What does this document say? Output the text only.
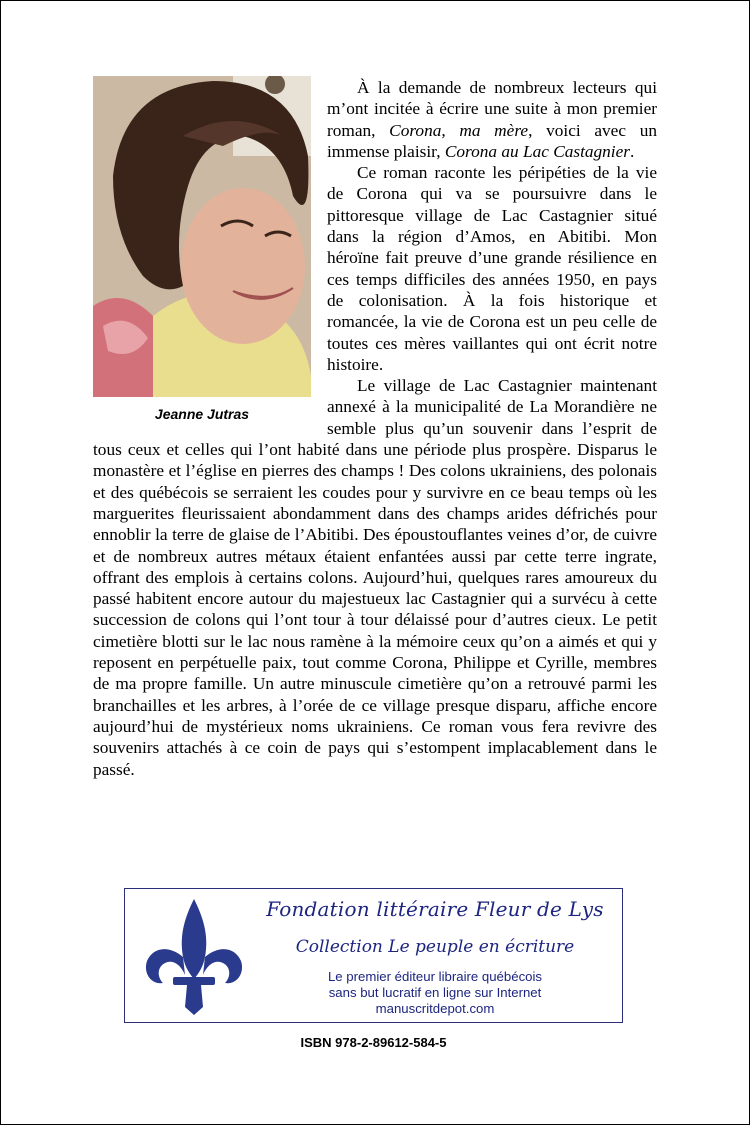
Jeanne Jutras

À la demande de nombreux lecteurs qui m’ont incitée à écrire une suite à mon premier roman, Corona, ma mère, voici avec un immense plaisir, Corona au Lac Castagnier.

Ce roman raconte les péripéties de la vie de Corona qui va se poursuivre dans le pittoresque village de Lac Castagnier situé dans la région d’Amos, en Abitibi. Mon héroïne fait preuve d’une grande résilience en ces temps difficiles des années 1950, en pays de colonisation. À la fois historique et romancée, la vie de Corona est un peu celle de toutes ces mères vaillantes qui ont écrit notre histoire.

Le village de Lac Castagnier maintenant annexé à la municipalité de La Morandière ne semble plus qu’un souvenir dans l’esprit de tous ceux et celles qui l’ont habité dans une période plus prospère. Disparus le monastère et l’église en pierres des champs ! Des colons ukrainiens, des polonais et des québécois se serraient les coudes pour y survivre en ce beau temps où les marguerites fleurissaient abondamment dans des champs arides défrichés pour ennoblir la terre de glaise de l’Abitibi. Des époustouflantes veines d’or, de cuivre et de nombreux autres métaux étaient enfantées aussi par cette terre ingrate, offrant des emplois à certains colons. Aujourd’hui, quelques rares amoureux du passé habitent encore autour du majestueux lac Castagnier qui a survécu à cette succession de colons qui l’ont tour à tour délaissé pour d’autres cieux. Le petit cimetière blotti sur le lac nous ramène à la mémoire ceux qu’on a aimés et qui y reposent en perpétuelle paix, tout comme Corona, Philippe et Cyrille, membres de ma propre famille. Un autre minuscule cimetière qu’on a retrouvé parmi les branchailles et les arbres, à l’orée de ce village presque disparu, affiche encore aujourd’hui de mystérieux noms ukrainiens. Ce roman vous fera revivre des souvenirs attachés à ce coin de pays qui s’estompent implacablement dans le passé.

Fondation littéraire Fleur de Lys
Collection Le peuple en écriture
Le premier éditeur libraire québécois
sans but lucratif en ligne sur Internet
manuscritdepot.com
ISBN 978-2-89612-584-5
